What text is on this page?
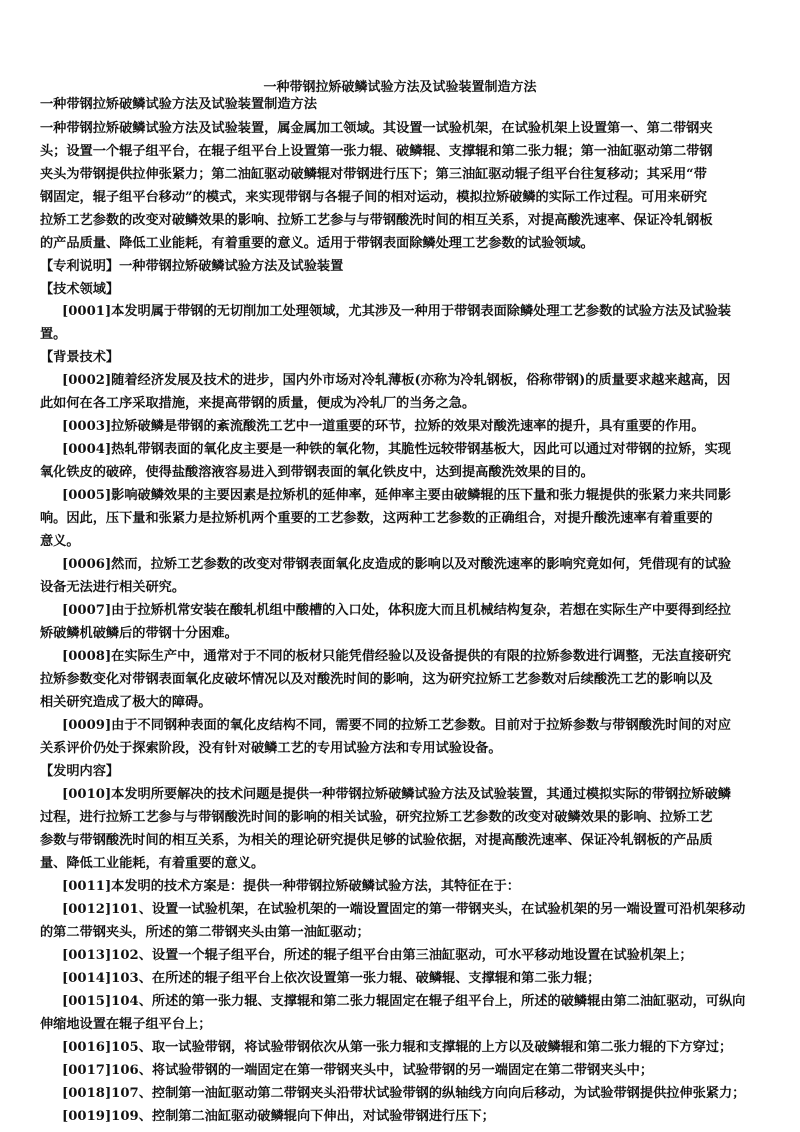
一种带钢拉矫破鳞试验方法及试验装置制造方法
一种带钢拉矫破鳞试验方法及试验装置制造方法
一种带钢拉矫破鳞试验方法及试验装置，属金属加工领域。其设置一试验机架，在试验机架上设置第一、第二带钢夹
头；设置一个辊子组平台，在辊子组平台上设置第一张力辊、破鳞辊、支撑辊和第二张力辊；第一油缸驱动第二带钢
夹头为带钢提供拉伸张紧力；第二油缸驱动破鳞辊对带钢进行压下；第三油缸驱动辊子组平台往复移动；其采用“带
钢固定，辊子组平台移动”的模式，来实现带钢与各辊子间的相对运动，模拟拉矫破鳞的实际工作过程。可用来研究
拉矫工艺参数的改变对破鳞效果的影响、拉矫工艺参与与带钢酸洗时间的相互关系，对提高酸洗速率、保证冷轧钢板
的产品质量、降低工业能耗，有着重要的意义。适用于带钢表面除鳞处理工艺参数的试验领域。
【专利说明】一种带钢拉矫破鳞试验方法及试验装置
【技术领域】
[0001]本发明属于带钢的无切削加工处理领域，尤其涉及一种用于带钢表面除鳞处理工艺参数的试验方法及试验装
置。
【背景技术】
[0002]随着经济发展及技术的进步，国内外市场对冷轧薄板(亦称为冷轧钢板，俗称带钢)的质量要求越来越高，因
此如何在各工序采取措施，来提高带钢的质量，便成为冷轧厂的当务之急。
[0003]拉矫破鳞是带钢的紊流酸洗工艺中一道重要的环节，拉矫的效果对酸洗速率的提升，具有重要的作用。
[0004]热轧带钢表面的氧化皮主要是一种铁的氧化物，其脆性远较带钢基板大，因此可以通过对带钢的拉矫，实现
氧化铁皮的破碎，使得盐酸溶液容易进入到带钢表面的氧化铁皮中，达到提高酸洗效果的目的。
[0005]影响破鳞效果的主要因素是拉矫机的延伸率，延伸率主要由破鳞辊的压下量和张力辊提供的张紧力来共同影
响。因此，压下量和张紧力是拉矫机两个重要的工艺参数，这两种工艺参数的正确组合，对提升酸洗速率有着重要的
意义。
[0006]然而，拉矫工艺参数的改变对带钢表面氧化皮造成的影响以及对酸洗速率的影响究竟如何，凭借现有的试验
设备无法进行相关研究。
[0007]由于拉矫机常安装在酸轧机组中酸槽的入口处，体积庞大而且机械结构复杂，若想在实际生产中要得到经拉
矫破鳞机破鳞后的带钢十分困难。
[0008]在实际生产中，通常对于不同的板材只能凭借经验以及设备提供的有限的拉矫参数进行调整，无法直接研究
拉矫参数变化对带钢表面氧化皮破坏情况以及对酸洗时间的影响，这为研究拉矫工艺参数对后续酸洗工艺的影响以及
相关研究造成了极大的障碍。
[0009]由于不同钢种表面的氧化皮结构不同，需要不同的拉矫工艺参数。目前对于拉矫参数与带钢酸洗时间的对应
关系评价仍处于探索阶段，没有针对破鳞工艺的专用试验方法和专用试验设备。
【发明内容】
[0010]本发明所要解决的技术问题是提供一种带钢拉矫破鳞试验方法及试验装置，其通过模拟实际的带钢拉矫破鳞
过程，进行拉矫工艺参与与带钢酸洗时间的影响的相关试验，研究拉矫工艺参数的改变对破鳞效果的影响、拉矫工艺
参数与带钢酸洗时间的相互关系，为相关的理论研究提供足够的试验依据，对提高酸洗速率、保证冷轧钢板的产品质
量、降低工业能耗，有着重要的意义。
[0011]本发明的技术方案是：提供一种带钢拉矫破鳞试验方法，其特征在于：
[0012]101、设置一试验机架，在试验机架的一端设置固定的第一带钢夹头，在试验机架的另一端设置可沿机架移动
的第二带钢夹头，所述的第二带钢夹头由第一油缸驱动；
[0013]102、设置一个辊子组平台，所述的辊子组平台由第三油缸驱动，可水平移动地设置在试验机架上；
[0014]103、在所述的辊子组平台上依次设置第一张力辊、破鳞辊、支撑辊和第二张力辊；
[0015]104、所述的第一张力辊、支撑辊和第二张力辊固定在辊子组平台上，所述的破鳞辊由第二油缸驱动，可纵向
伸缩地设置在辊子组平台上；
[0016]105、取一试验带钢，将试验带钢依次从第一张力辊和支撑辊的上方以及破鳞辊和第二张力辊的下方穿过；
[0017]106、将试验带钢的一端固定在第一带钢夹头中，试验带钢的另一端固定在第二带钢夹头中；
[0018]107、控制第一油缸驱动第二带钢夹头沿带状试验带钢的纵轴线方向向后移动，为试验带钢提供拉伸张紧力；
[0019]109、控制第二油缸驱动破鳞辊向下伸出，对试验带钢进行压下；
